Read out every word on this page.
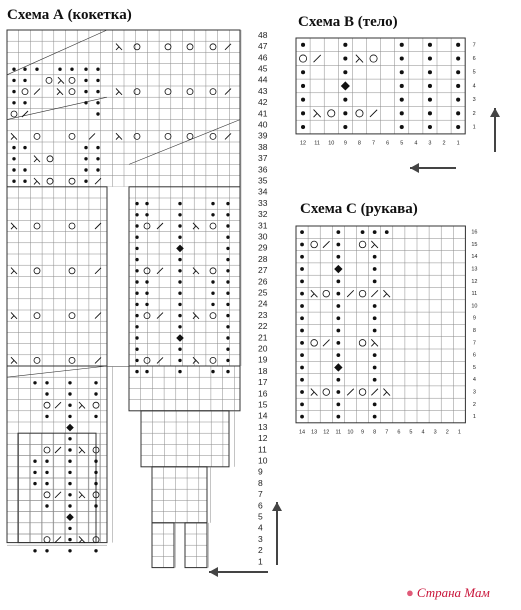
Схема А (кокетка)	Схема В (тело)
Схема С (рукава)
48
47
46
45
44
43
42
41
40
39
38
37
36
35
34
33
32
31
30
29
28
27
26
25
24
23
22
21
20
19
18
17
16
15
14
13
12
11
10
9
8
7
6
5
4
3
2
1
7
6
5
4
3
2
1
12 11 10 9 8 7 6 5 4 3 2 1
16
15
14
13
12
11
10
9
8
7
6
5
4
3
2
1
14 13 12 11 10 9 8 7 6 5 4 3 2 1
● Страна Мам
